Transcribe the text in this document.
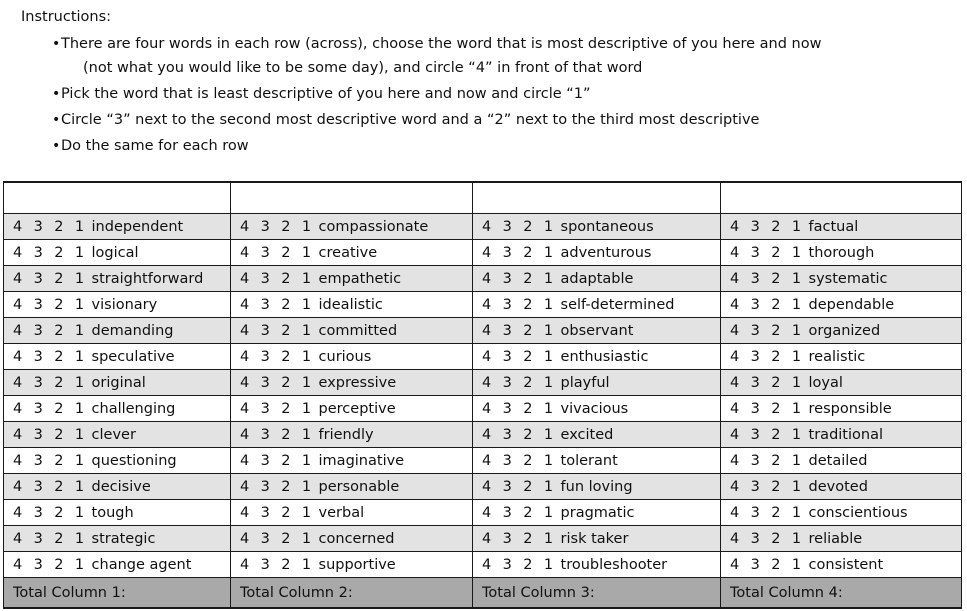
Instructions:
•There are four words in each row (across), choose the word that is most descriptive of you here and now
(not what you would like to be some day), and circle “4” in front of that word
•Pick the word that is least descriptive of you here and now and circle “1”
•Circle “3” next to the second most descriptive word and a “2” next to the third most descriptive
•Do the same for each row

4 3 2 1 independent	4 3 2 1 compassionate	4 3 2 1 spontaneous	4 3 2 1 factual
4 3 2 1 logical	4 3 2 1 creative	4 3 2 1 adventurous	4 3 2 1 thorough
4 3 2 1 straightforward	4 3 2 1 empathetic	4 3 2 1 adaptable	4 3 2 1 systematic
4 3 2 1 visionary	4 3 2 1 idealistic	4 3 2 1 self-determined	4 3 2 1 dependable
4 3 2 1 demanding	4 3 2 1 committed	4 3 2 1 observant	4 3 2 1 organized
4 3 2 1 speculative	4 3 2 1 curious	4 3 2 1 enthusiastic	4 3 2 1 realistic
4 3 2 1 original	4 3 2 1 expressive	4 3 2 1 playful	4 3 2 1 loyal
4 3 2 1 challenging	4 3 2 1 perceptive	4 3 2 1 vivacious	4 3 2 1 responsible
4 3 2 1 clever	4 3 2 1 friendly	4 3 2 1 excited	4 3 2 1 traditional
4 3 2 1 questioning	4 3 2 1 imaginative	4 3 2 1 tolerant	4 3 2 1 detailed
4 3 2 1 decisive	4 3 2 1 personable	4 3 2 1 fun loving	4 3 2 1 devoted
4 3 2 1 tough	4 3 2 1 verbal	4 3 2 1 pragmatic	4 3 2 1 conscientious
4 3 2 1 strategic	4 3 2 1 concerned	4 3 2 1 risk taker	4 3 2 1 reliable
4 3 2 1 change agent	4 3 2 1 supportive	4 3 2 1 troubleshooter	4 3 2 1 consistent
Total Column 1:	Total Column 2:	Total Column 3:	Total Column 4:
